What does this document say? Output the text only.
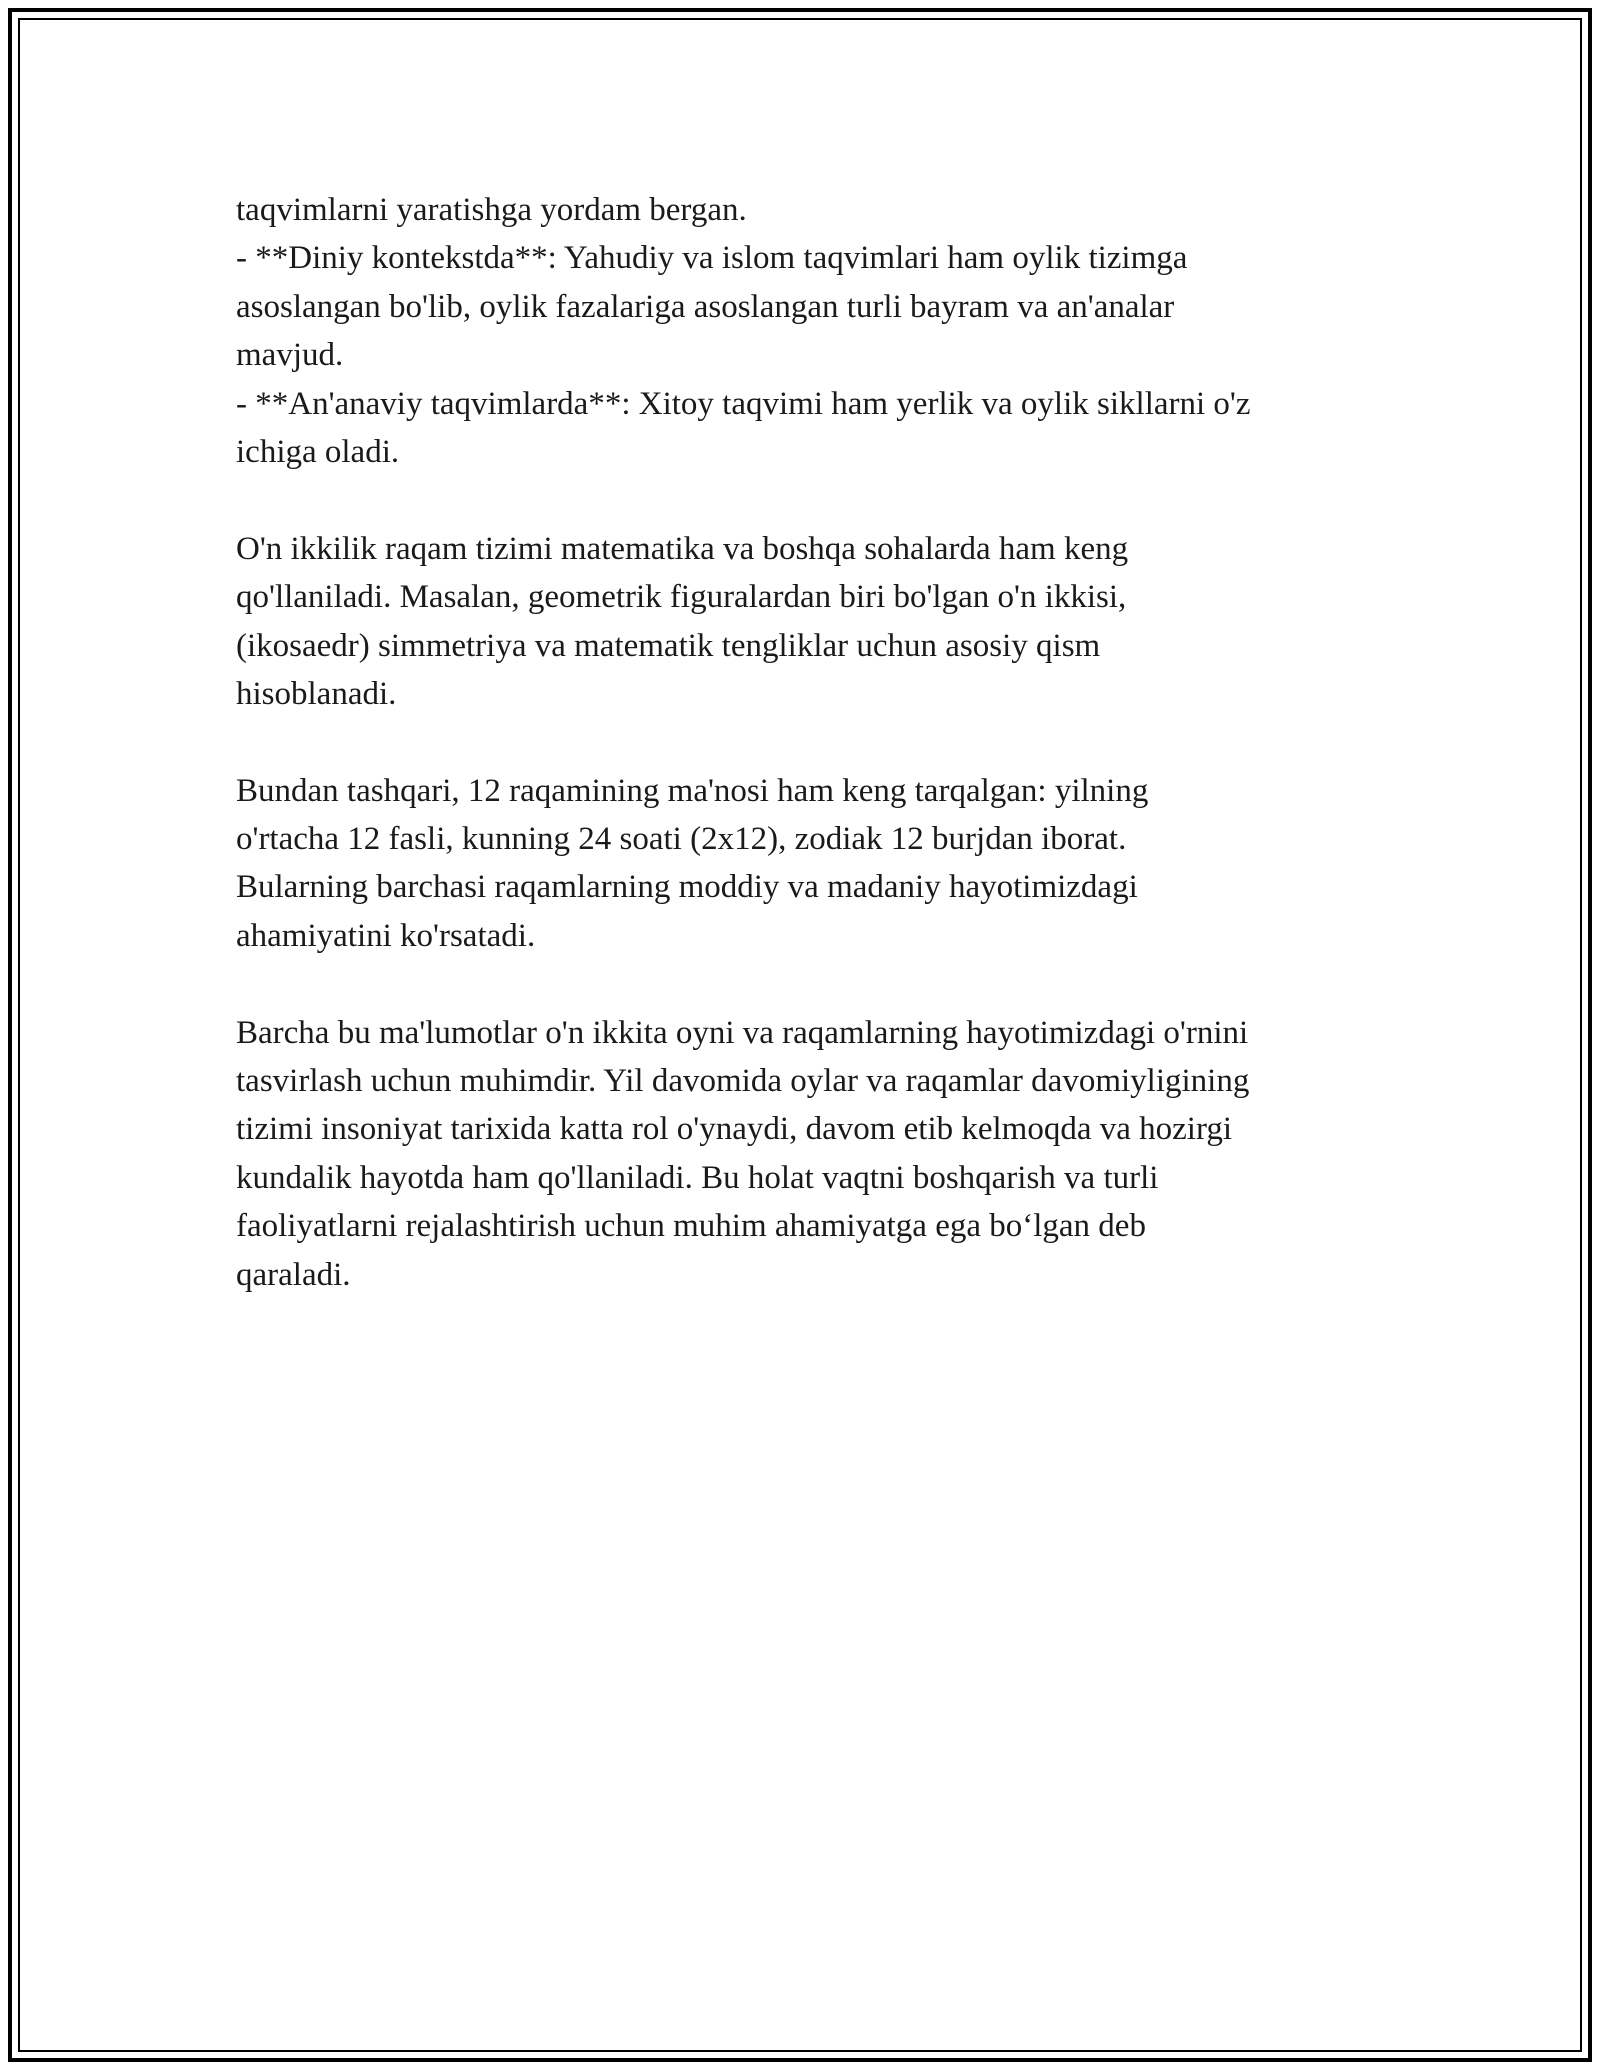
taqvimlarni yaratishga yordam bergan.
- **Diniy kontekstda**: Yahudiy va islom taqvimlari ham oylik tizimga
asoslangan bo'lib, oylik fazalariga asoslangan turli bayram va an'analar
mavjud.
- **An'anaviy taqvimlarda**: Xitoy taqvimi ham yerlik va oylik sikllarni o'z
ichiga oladi.
O'n ikkilik raqam tizimi matematika va boshqa sohalarda ham keng
qo'llaniladi. Masalan, geometrik figuralardan biri bo'lgan o'n ikkisi,
(ikosaedr) simmetriya va matematik tengliklar uchun asosiy qism
hisoblanadi.
Bundan tashqari, 12 raqamining ma'nosi ham keng tarqalgan: yilning
o'rtacha 12 fasli, kunning 24 soati (2x12), zodiak 12 burjdan iborat.
Bularning barchasi raqamlarning moddiy va madaniy hayotimizdagi
ahamiyatini ko'rsatadi.
Barcha bu ma'lumotlar o'n ikkita oyni va raqamlarning hayotimizdagi o'rnini
tasvirlash uchun muhimdir. Yil davomida oylar va raqamlar davomiyligining
tizimi insoniyat tarixida katta rol o'ynaydi, davom etib kelmoqda va hozirgi
kundalik hayotda ham qo'llaniladi. Bu holat vaqtni boshqarish va turli
faoliyatlarni rejalashtirish uchun muhim ahamiyatga ega bo‘lgan deb
qaraladi.
